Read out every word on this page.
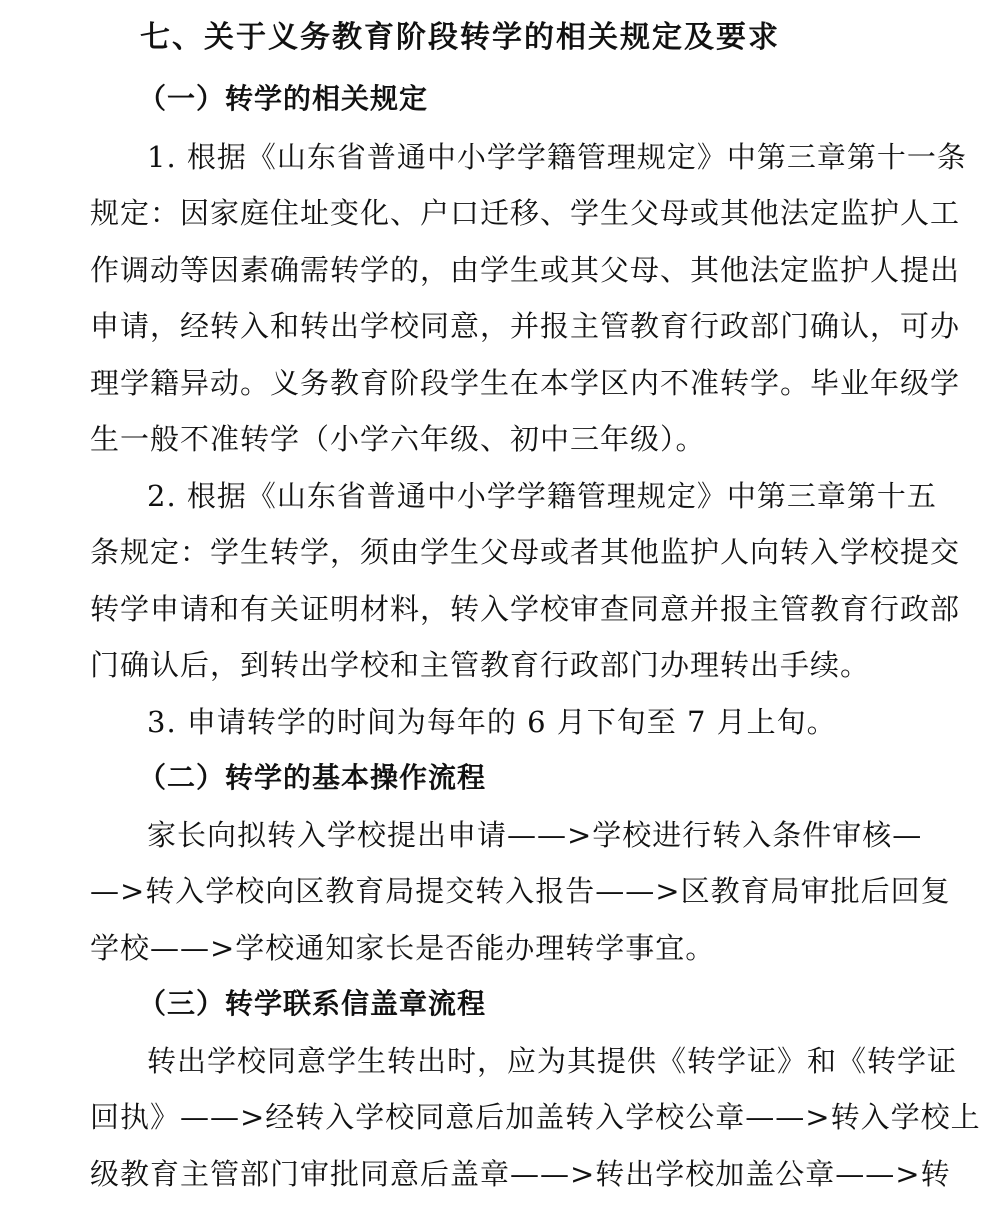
七、关于义务教育阶段转学的相关规定及要求
（一）转学的相关规定
1. 根据《山东省普通中小学学籍管理规定》中第三章第十一条
规定：因家庭住址变化、户口迁移、学生父母或其他法定监护人工
作调动等因素确需转学的，由学生或其父母、其他法定监护人提出
申请，经转入和转出学校同意，并报主管教育行政部门确认，可办
理学籍异动。义务教育阶段学生在本学区内不准转学。毕业年级学
生一般不准转学（小学六年级、初中三年级）。
2. 根据《山东省普通中小学学籍管理规定》中第三章第十五
条规定：学生转学，须由学生父母或者其他监护人向转入学校提交
转学申请和有关证明材料，转入学校审查同意并报主管教育行政部
门确认后，到转出学校和主管教育行政部门办理转出手续。
3. 申请转学的时间为每年的 6 月下旬至 7 月上旬。
（二）转学的基本操作流程
家长向拟转入学校提出申请——>学校进行转入条件审核—
—>转入学校向区教育局提交转入报告——>区教育局审批后回复
学校——>学校通知家长是否能办理转学事宜。
（三）转学联系信盖章流程
转出学校同意学生转出时，应为其提供《转学证》和《转学证
回执》——>经转入学校同意后加盖转入学校公章——>转入学校上
级教育主管部门审批同意后盖章——>转出学校加盖公章——>转
